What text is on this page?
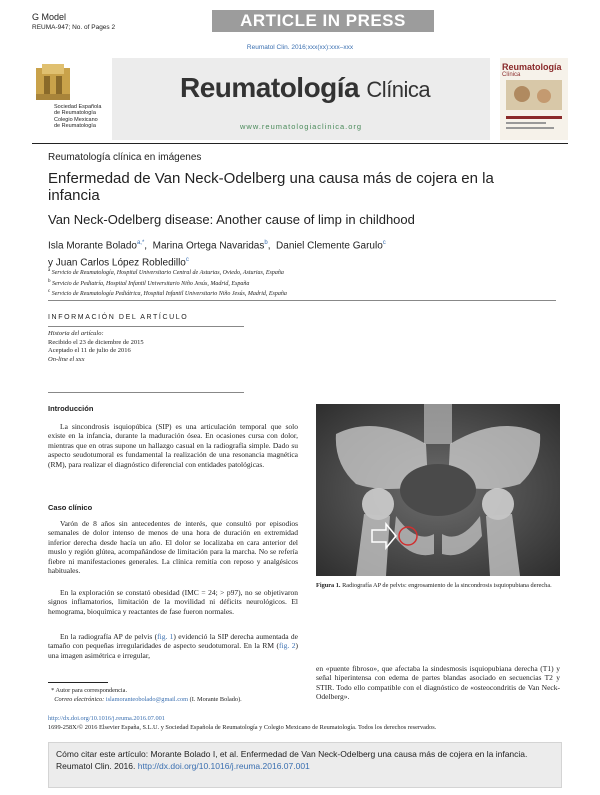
G Model
REUMA-947; No. of Pages 2	ARTICLE IN PRESS
Reumatol Clin. 2016;xxx(xx):xxx–xxx
Sociedad Española
de Reumatología
Colegio Mexicano
de Reumatología
Reumatología Clínica
www.reumatologiaclinica.org
Reumatología
Clínica
Reumatología clínica en imágenes
Enfermedad de Van Neck-Odelberg una causa más de cojera en la infancia
Van Neck-Odelberg disease: Another cause of limp in childhood
Isla Morante Bolado$^{a,*}$,  Marina Ortega Navaridas$^b$,  Daniel Clemente Garulo$^c$
y Juan Carlos López Robledillo$^c$
$^a$ Servicio de Reumatología, Hospital Universitario Central de Asturias, Oviedo, Asturias, España
$^b$ Servicio de Pediatría, Hospital Infantil Universitario Niño Jesús, Madrid, España
$^c$ Servicio de Reumatología Pediátrica, Hospital Infantil Universitario Niño Jesús, Madrid, España
INFORMACIÓN DEL ARTÍCULO
Historia del artículo:
Recibido el 23 de diciembre de 2015
Aceptado el 11 de julio de 2016
On-line el xxx
Introducción
La sincondrosis isquiopúbica (SIP) es una articulación temporal que solo existe en la infancia, durante la maduración ósea. En ocasiones cursa con dolor, mientras que en otras supone un hallazgo casual en la radiografía simple. Dado su aspecto seudotumoral es fundamental la realización de una resonancia magnética (RM), para realizar el diagnóstico diferencial con entidades patológicas.
Caso clínico
Varón de 8 años sin antecedentes de interés, que consultó por episodios semanales de dolor intenso de menos de una hora de duración en extremidad inferior derecha desde hacía un año. El dolor se localizaba en cara anterior del muslo y región glútea, acompañándose de limitación para la marcha. No se refería fiebre ni manifestaciones generales. La clínica remitía con reposo y analgésicos habituales.
En la exploración se constató obesidad (IMC = 24; > p97), no se objetivaron signos inflamatorios, limitación de la movilidad ni déficits neurológicos. El hemograma, bioquímica y reactantes de fase fueron normales.
En la radiografía AP de pelvis (fig. 1) evidenció la SIP derecha aumentada de tamaño con pequeñas irregularidades de aspecto seudotumoral. En la RM (fig. 2) una imagen asimétrica e irregular,
Figura 1. Radiografía AP de pelvis: engrosamiento de la sincondrosis isquiopubiana derecha.
en «puente fibroso», que afectaba la sindesmosis isquiopubiana derecha (T1) y señal hiperintensa con edema de partes blandas asociado en secuencias T2 y STIR. Todo ello compatible con el diagnóstico de «osteocondritis de Van Neck-Odelberg».
* Autor para correspondencia.
Correo electrónico: islamoranteobolado@gmail.com (I. Morante Bolado).
http://dx.doi.org/10.1016/j.reuma.2016.07.001
1699-258X/© 2016 Elsevier España, S.L.U. y Sociedad Española de Reumatología y Colegio Mexicano de Reumatología. Todos los derechos reservados.
Cómo citar este artículo: Morante Bolado I, et al. Enfermedad de Van Neck-Odelberg una causa más de cojera en la infancia. Reumatol Clin. 2016. http://dx.doi.org/10.1016/j.reuma.2016.07.001
